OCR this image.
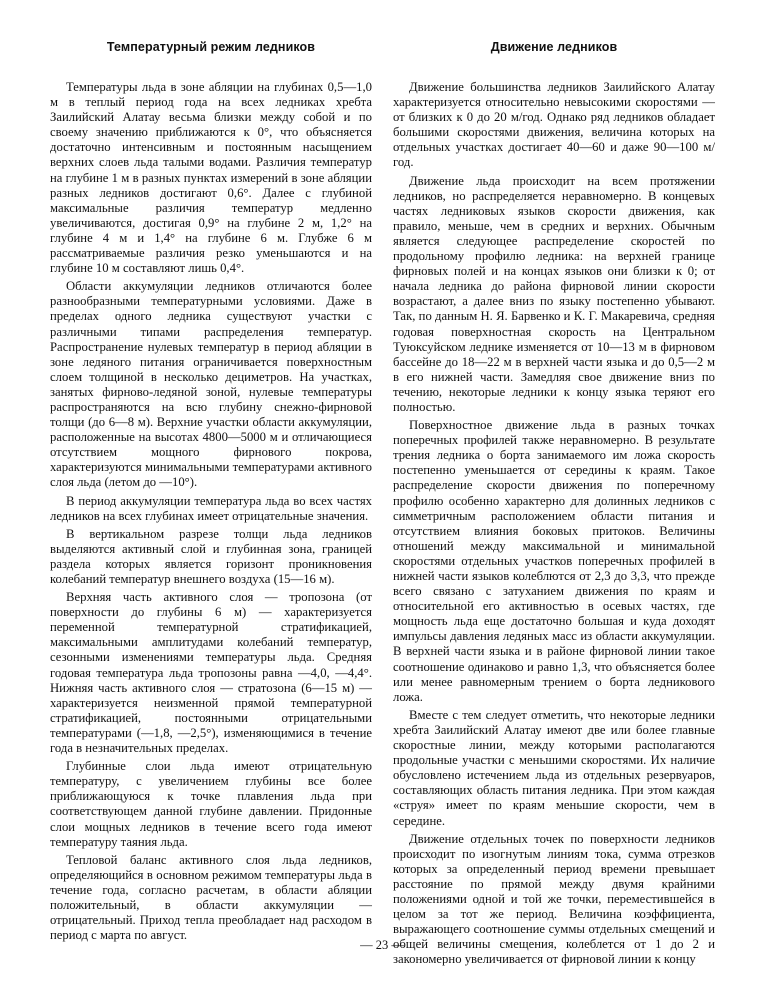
Температурный режим ледников

Температуры льда в зоне абляции на глубинах 0,5—1,0 м в теплый период года на всех ледниках хребта Заилийский Алатау весьма близки между собой и по своему значению приближаются к 0°, что объясняется достаточно интенсивным и постоянным насыщением верхних слоев льда талыми водами. Различия температур на глубине 1 м в разных пунктах измерений в зоне абляции разных ледников достигают 0,6°. Далее с глубиной максимальные различия температур медленно увеличиваются, достигая 0,9° на глубине 2 м, 1,2° на глубине 4 м и 1,4° на глубине 6 м. Глубже 6 м рассматриваемые различия резко уменьшаются и на глубине 10 м составляют лишь 0,4°.

Области аккумуляции ледников отличаются более разнообразными температурными условиями. Даже в пределах одного ледника существуют участки с различными типами распределения температур. Распространение нулевых температур в период абляции в зоне ледяного питания ограничивается поверхностным слоем толщиной в несколько дециметров. На участках, занятых фирново-ледяной зоной, нулевые температуры распространяются на всю глубину снежно-фирновой толщи (до 6—8 м). Верхние участки области аккумуляции, расположенные на высотах 4800—5000 м и отличающиеся отсутствием мощного фирнового покрова, характеризуются минимальными температурами активного слоя льда (летом до —10°).

В период аккумуляции температура льда во всех частях ледников на всех глубинах имеет отрицательные значения.

В вертикальном разрезе толщи льда ледников выделяются активный слой и глубинная зона, границей раздела которых является горизонт проникновения колебаний температур внешнего воздуха (15—16 м).

Верхняя часть активного слоя — тропозона (от поверхности до глубины 6 м) — характеризуется переменной температурной стратификацией, максимальными амплитудами колебаний температур, сезонными изменениями температуры льда. Средняя годовая температура льда тропозоны равна —4,0, —4,4°. Нижняя часть активного слоя — стратозона (6—15 м) — характеризуется неизменной прямой температурной стратификацией, постоянными отрицательными температурами (—1,8, —2,5°), изменяющимися в течение года в незначительных пределах.

Глубинные слои льда имеют отрицательную температуру, с увеличением глубины все более приближающуюся к точке плавления льда при соответствующем данной глубине давлении. Придонные слои мощных ледников в течение всего года имеют температуру таяния льда.

Тепловой баланс активного слоя льда ледников, определяющийся в основном режимом температуры льда в течение года, согласно расчетам, в области абляции положительный, в области аккумуляции — отрицательный. Приход тепла преобладает над расходом в период с марта по август.

Движение ледников

Движение большинства ледников Заилийского Алатау характеризуется относительно невысокими скоростями — от близких к 0 до 20 м/год. Однако ряд ледников обладает большими скоростями движения, величина которых на отдельных участках достигает 40—60 и даже 90—100 м/год.

Движение льда происходит на всем протяжении ледников, но распределяется неравномерно. В концевых частях ледниковых языков скорости движения, как правило, меньше, чем в средних и верхних. Обычным является следующее распределение скоростей по продольному профилю ледника: на верхней границе фирновых полей и на концах языков они близки к 0; от начала ледника до района фирновой линии скорости возрастают, а далее вниз по языку постепенно убывают. Так, по данным Н. Я. Барвенко и К. Г. Макаревича, средняя годовая поверхностная скорость на Центральном Туюксуйском леднике изменяется от 10—13 м в фирновом бассейне до 18—22 м в верхней части языка и до 0,5—2 м в его нижней части. Замедляя свое движение вниз по течению, некоторые ледники к концу языка теряют его полностью.

Поверхностное движение льда в разных точках поперечных профилей также неравномерно. В результате трения ледника о борта занимаемого им ложа скорость постепенно уменьшается от середины к краям. Такое распределение скорости движения по поперечному профилю особенно характерно для долинных ледников с симметричным расположением области питания и отсутствием влияния боковых притоков. Величины отношений между максимальной и минимальной скоростями отдельных участков поперечных профилей в нижней части языков колеблются от 2,3 до 3,3, что прежде всего связано с затуханием движения по краям и относительной его активностью в осевых частях, где мощность льда еще достаточно большая и куда доходят импульсы давления ледяных масс из области аккумуляции. В верхней части языка и в районе фирновой линии такое соотношение одинаково и равно 1,3, что объясняется более или менее равномерным трением о борта ледникового ложа.

Вместе с тем следует отметить, что некоторые ледники хребта Заилийский Алатау имеют две или более главные скоростные линии, между которыми располагаются продольные участки с меньшими скоростями. Их наличие обусловлено истечением льда из отдельных резервуаров, составляющих область питания ледника. При этом каждая «струя» имеет по краям меньшие скорости, чем в середине.

Движение отдельных точек по поверхности ледников происходит по изогнутым линиям тока, сумма отрезков которых за определенный период времени превышает расстояние по прямой между двумя крайними положениями одной и той же точки, переместившейся в целом за тот же период. Величина коэффициента, выражающего соотношение суммы отдельных смещений и общей величины смещения, колеблется от 1 до 2 и закономерно увеличивается от фирновой линии к концу

— 23 —
